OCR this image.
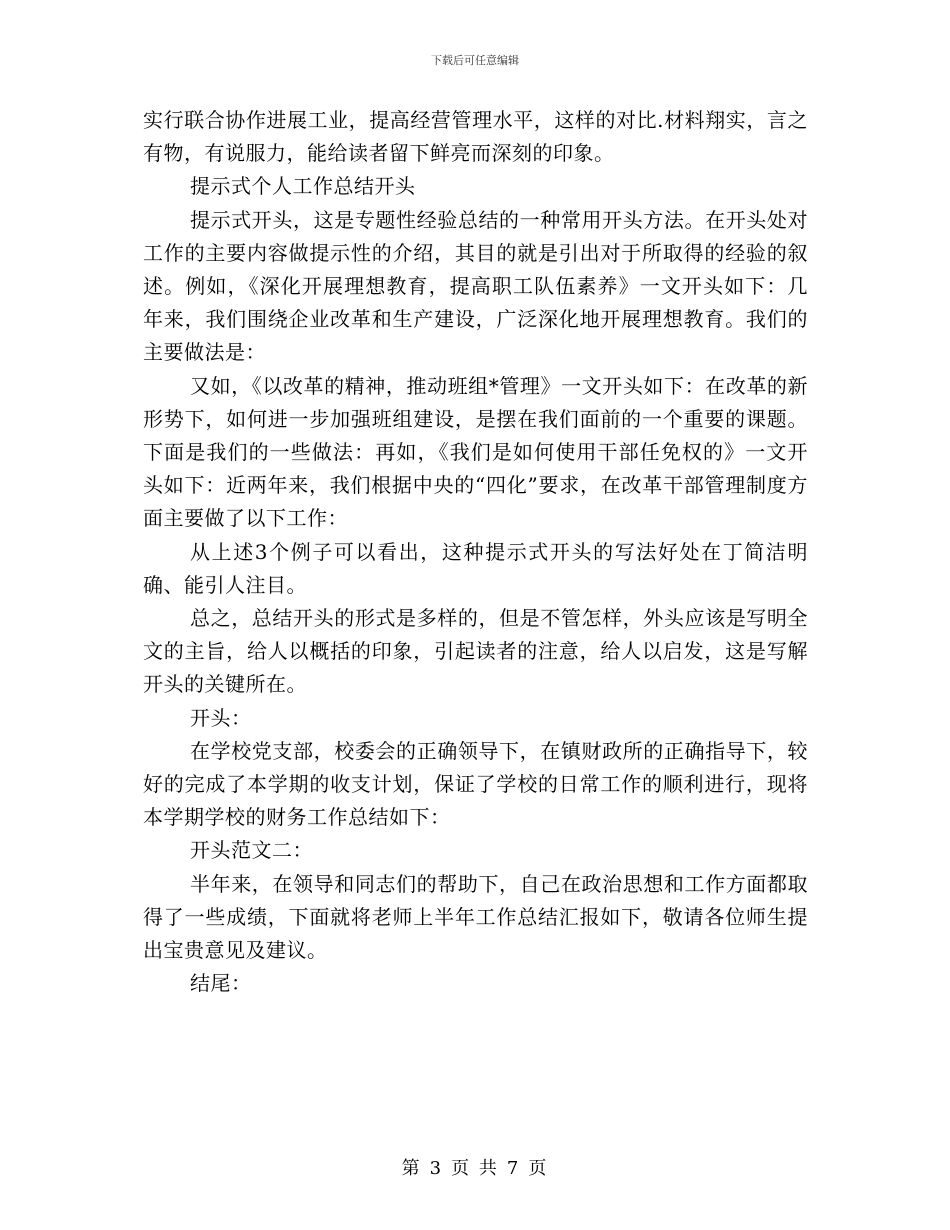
下载后可任意编辑

实行联合协作进展工业，提高经营管理水平，这样的对比.材料翔实，言之有物，有说服力，能给读者留下鲜亮而深刻的印象。

提示式个人工作总结开头

提示式开头，这是专题性经验总结的一种常用开头方法。在开头处对工作的主要内容做提示性的介绍，其目的就是引出对于所取得的经验的叙述。例如，《深化开展理想教育，提高职工队伍素养》一文开头如下：几年来，我们围绕企业改革和生产建设，广泛深化地开展理想教育。我们的主要做法是：

又如，《以改革的精神，推动班组*管理》一文开头如下：在改革的新形势下，如何进一步加强班组建设，是摆在我们面前的一个重要的课题。下面是我们的一些做法：再如，《我们是如何使用干部任免权的》一文开头如下：近两年来，我们根据中央的“四化”要求，在改革干部管理制度方面主要做了以下工作：

从上述3个例子可以看出，这种提示式开头的写法好处在丁简洁明确、能引人注目。

总之，总结开头的形式是多样的，但是不管怎样，外头应该是写明全文的主旨，给人以概括的印象，引起读者的注意，给人以启发，这是写解开头的关键所在。

开头：

在学校党支部，校委会的正确领导下，在镇财政所的正确指导下，较好的完成了本学期的收支计划，保证了学校的日常工作的顺利进行，现将本学期学校的财务工作总结如下：

开头范文二：

半年来，在领导和同志们的帮助下，自己在政治思想和工作方面都取得了一些成绩，下面就将老师上半年工作总结汇报如下，敬请各位师生提出宝贵意见及建议。

结尾：

第 3 页 共 7 页
